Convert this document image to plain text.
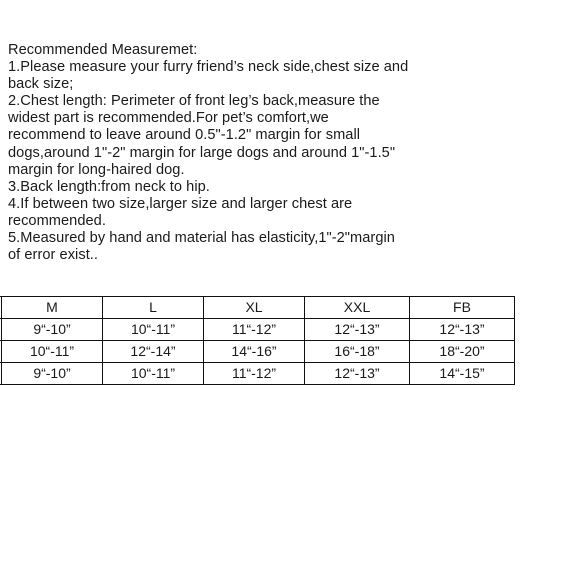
Recommended Measuremet:
1.Please measure your furry friend’s neck side,chest size and
back size;
2.Chest length: Perimeter of front leg’s back,measure the
widest part is recommended.For pet’s comfort,we
recommend to leave around 0.5"-1.2" margin for small
dogs,around 1"-2" margin for large dogs and around 1"-1.5"
margin for long-haired dog.
3.Back length:from neck to hip.
4.If between two size,larger size and larger chest are
recommended.
5.Measured by hand and material has elasticity,1"-2"margin
of error exist..
	M	L	XL	XXL	FB
	9“-10”	10“-11”	11“-12”	12“-13”	12“-13”
	10“-11”	12“-14”	14“-16”	16“-18”	18“-20”
	9“-10”	10“-11”	11“-12”	12“-13”	14“-15”
